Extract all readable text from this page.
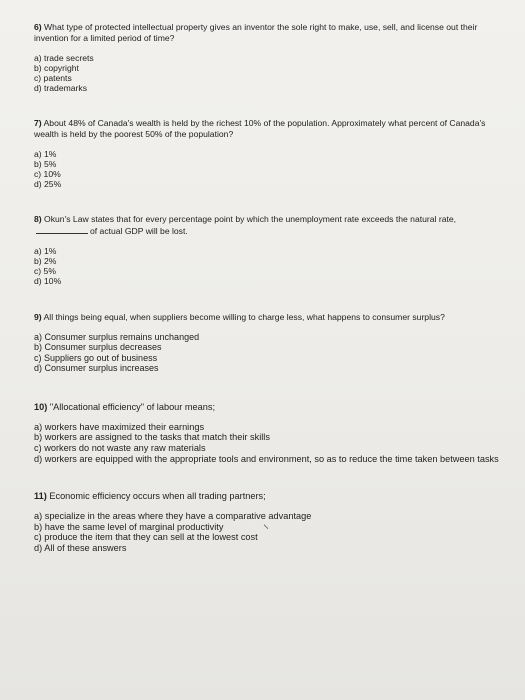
6) What type of protected intellectual property gives an inventor the sole right to make, use, sell, and license out their invention for a limited period of time?

a) trade secrets
b) copyright
c) patents
d) trademarks

7) About 48% of Canada's wealth is held by the richest 10% of the population. Approximately what percent of Canada's wealth is held by the poorest 50% of the population?

a) 1%
b) 5%
c) 10%
d) 25%

8) Okun's Law states that for every percentage point by which the unemployment rate exceeds the natural rate,of actual GDP will be lost.

a) 1%
b) 2%
c) 5%
d) 10%

9) All things being equal, when suppliers become willing to charge less, what happens to consumer surplus?

a) Consumer surplus remains unchanged
b) Consumer surplus decreases
c) Suppliers go out of business
d) Consumer surplus increases

10) "Allocational efficiency" of labour means;

a) workers have maximized their earnings
b) workers are assigned to the tasks that match their skills
c) workers do not waste any raw materials
d) workers are equipped with the appropriate tools and environment, so as to reduce the time taken between tasks

11) Economic efficiency occurs when all trading partners;

a) specialize in the areas where they have a comparative advantage
b) have the same level of marginal productivity
c) produce the item that they can sell at the lowest cost
d) All of these answers
⸌
